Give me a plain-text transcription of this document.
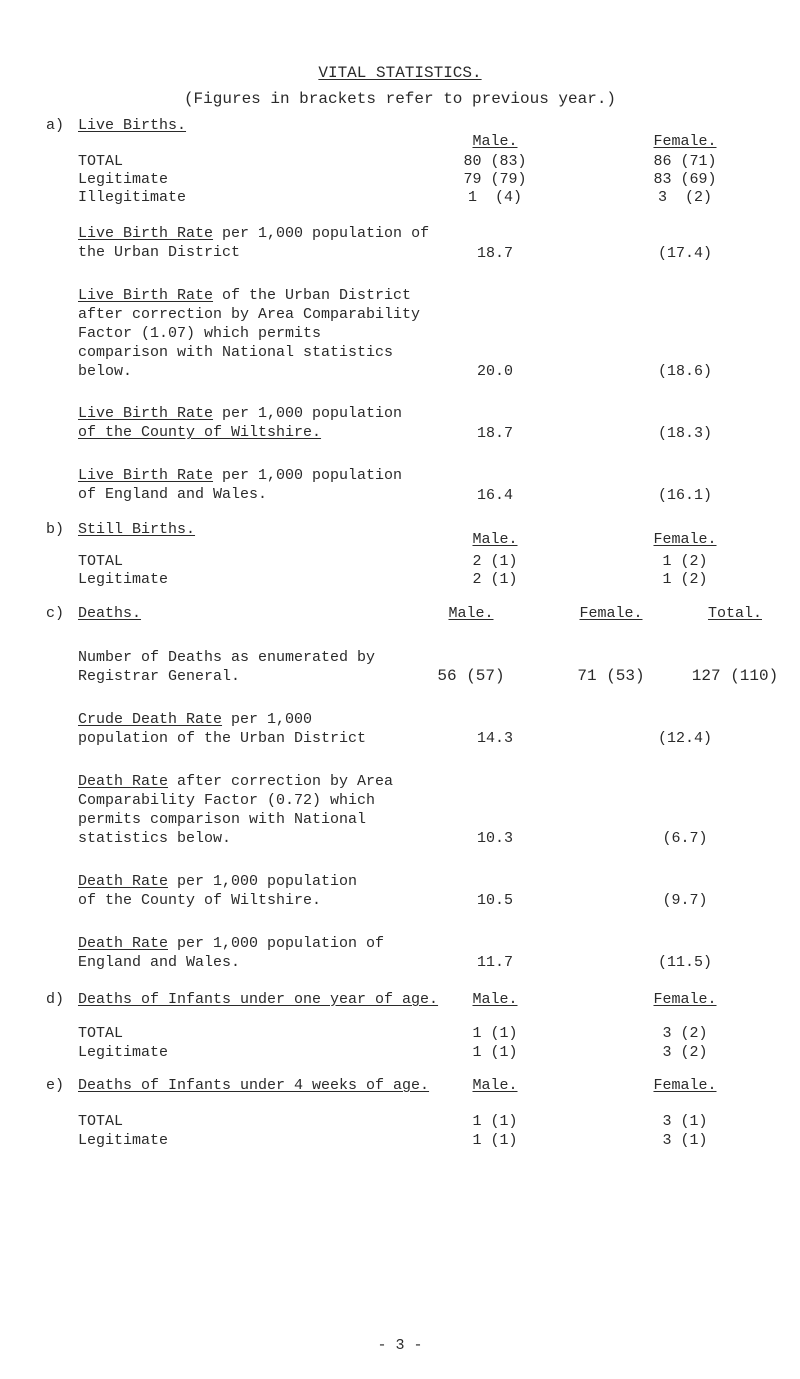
VITAL STATISTICS.
(Figures in brackets refer to previous year.)
a) Live Births.
Male.	Female.
TOTAL	80 (83)	86 (71)
Legitimate	79 (79)	83 (69)
Illegitimate	1  (4)	3  (2)
Live Birth Rate per 1,000 population of
the Urban District	18.7	(17.4)
Live Birth Rate of the Urban District
after correction by Area Comparability
Factor (1.07) which permits
comparison with National statistics
below.	20.0	(18.6)
Live Birth Rate per 1,000 population
of the County of Wiltshire.	18.7	(18.3)
Live Birth Rate per 1,000 population
of England and Wales.	16.4	(16.1)
b) Still Births.
Male.	Female.
TOTAL	2 (1)	1 (2)
Legitimate	2 (1)	1 (2)
c) Deaths.	Male.	Female.	Total.
Number of Deaths as enumerated by
Registrar General.	56 (57)	71 (53)	127 (110)
Crude Death Rate per 1,000
population of the Urban District	14.3	(12.4)
Death Rate after correction by Area
Comparability Factor (0.72) which
permits comparison with National
statistics below.	10.3	(6.7)
Death Rate per 1,000 population
of the County of Wiltshire.	10.5	(9.7)
Death Rate per 1,000 population of
England and Wales.	11.7	(11.5)
d) Deaths of Infants under one year of age.	Male.	Female.
TOTAL	1 (1)	3 (2)
Legitimate	1 (1)	3 (2)
e) Deaths of Infants under 4 weeks of age.	Male.	Female.
TOTAL	1 (1)	3 (1)
Legitimate	1 (1)	3 (1)
- 3 -
